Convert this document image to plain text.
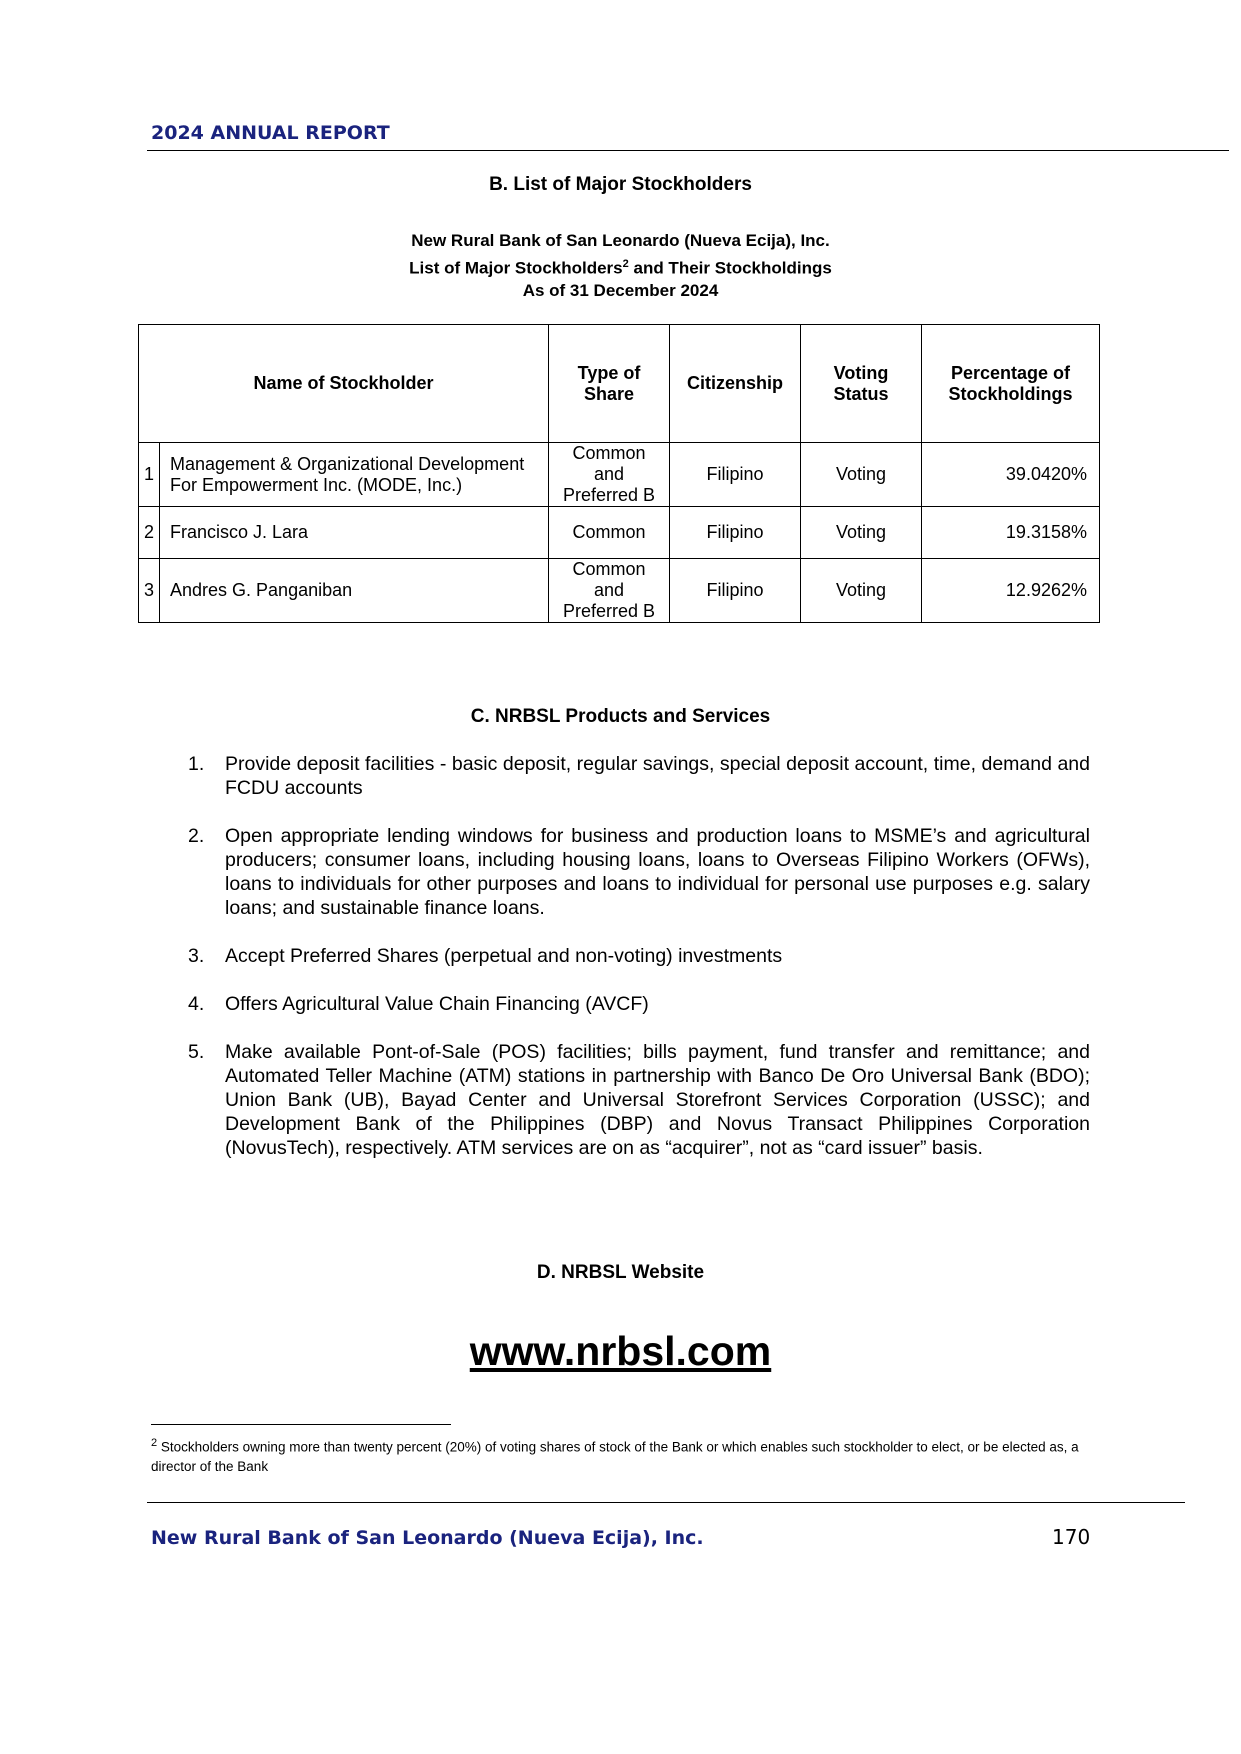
2024 ANNUAL REPORT
B. List of Major Stockholders
New Rural Bank of San Leonardo (Nueva Ecija), Inc.
List of Major Stockholders$^2$ and Their Stockholdings
As of 31 December 2024
Name of Stockholder		Type of Share	Citizenship	Voting Status	Percentage of Stockholdings
1	Management & Organizational Development For Empowerment Inc. (MODE, Inc.)	Common and Preferred B	Filipino	Voting	39.0420%
2	Francisco J. Lara	Common	Filipino	Voting	19.3158%
3	Andres G. Panganiban	Common and Preferred B	Filipino	Voting	12.9262%
C. NRBSL Products and Services
1. Provide deposit facilities - basic deposit, regular savings, special deposit account, time, demand and FCDU accounts
2. Open appropriate lending windows for business and production loans to MSME’s and agricultural producers; consumer loans, including housing loans, loans to Overseas Filipino Workers (OFWs), loans to individuals for other purposes and loans to individual for personal use purposes e.g. salary loans; and sustainable finance loans.
3. Accept Preferred Shares (perpetual and non-voting) investments
4. Offers Agricultural Value Chain Financing (AVCF)
5. Make available Pont-of-Sale (POS) facilities; bills payment, fund transfer and remittance; and Automated Teller Machine (ATM) stations in partnership with Banco De Oro Universal Bank (BDO); Union Bank (UB), Bayad Center and Universal Storefront Services Corporation (USSC); and Development Bank of the Philippines (DBP) and Novus Transact Philippines Corporation (NovusTech), respectively. ATM services are on as “acquirer”, not as “card issuer” basis.
D. NRBSL Website
www.nrbsl.com
$^2$ Stockholders owning more than twenty percent (20%) of voting shares of stock of the Bank or which enables such stockholder to elect, or be elected as, a director of the Bank
New Rural Bank of San Leonardo (Nueva Ecija), Inc.	170
